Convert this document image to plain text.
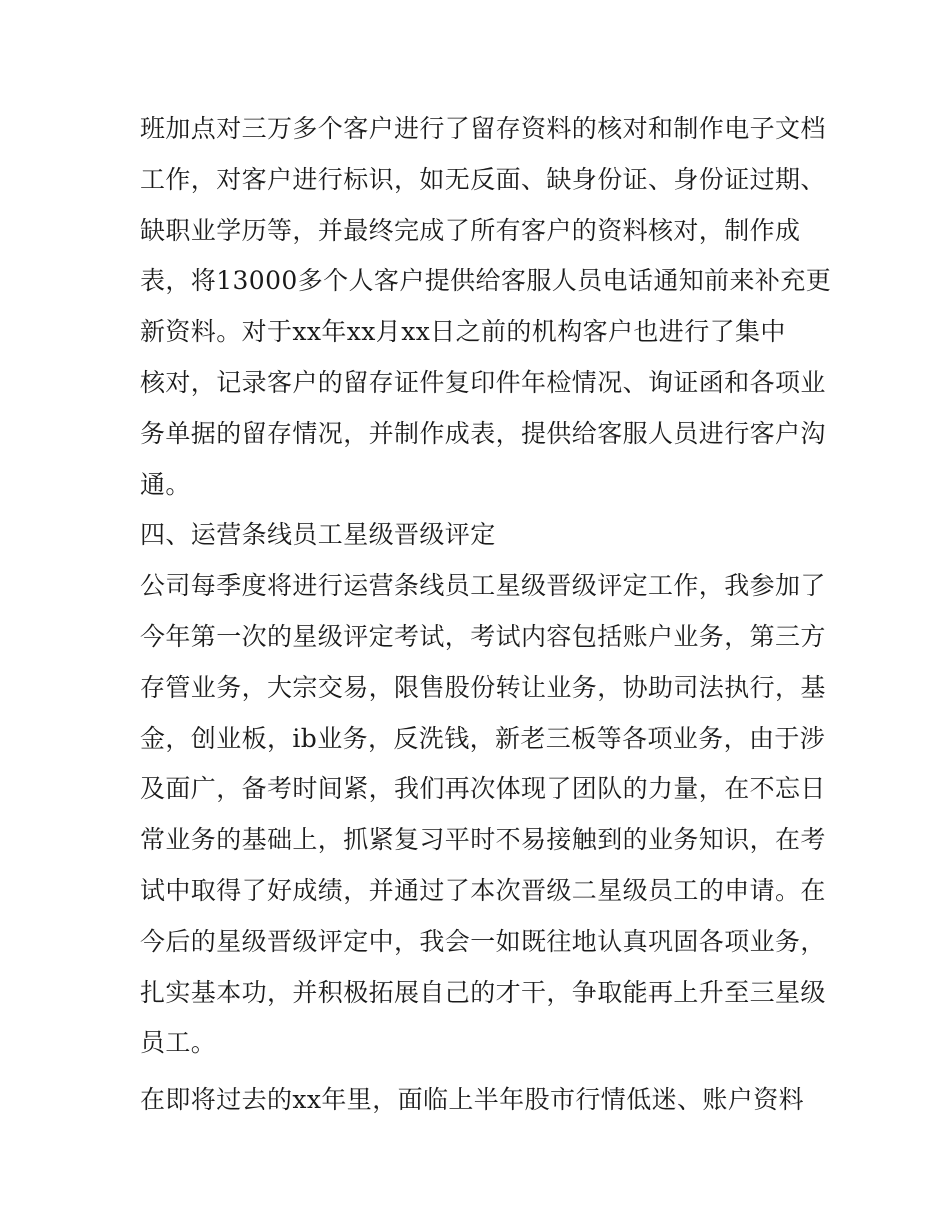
班加点对三万多个客户进行了留存资料的核对和制作电子文档
工作，对客户进行标识，如无反面、缺身份证、身份证过期、
缺职业学历等，并最终完成了所有客户的资料核对，制作成
表，将13000多个人客户提供给客服人员电话通知前来补充更
新资料。对于xx年xx月xx日之前的机构客户也进行了集中
核对，记录客户的留存证件复印件年检情况、询证函和各项业
务单据的留存情况，并制作成表，提供给客服人员进行客户沟
通。
四、运营条线员工星级晋级评定
公司每季度将进行运营条线员工星级晋级评定工作，我参加了
今年第一次的星级评定考试，考试内容包括账户业务，第三方
存管业务，大宗交易，限售股份转让业务，协助司法执行，基
金，创业板，ib业务，反洗钱，新老三板等各项业务，由于涉
及面广，备考时间紧，我们再次体现了团队的力量，在不忘日
常业务的基础上，抓紧复习平时不易接触到的业务知识，在考
试中取得了好成绩，并通过了本次晋级二星级员工的申请。在
今后的星级晋级评定中，我会一如既往地认真巩固各项业务，
扎实基本功，并积极拓展自己的才干，争取能再上升至三星级
员工。
在即将过去的xx年里，面临上半年股市行情低迷、账户资料
